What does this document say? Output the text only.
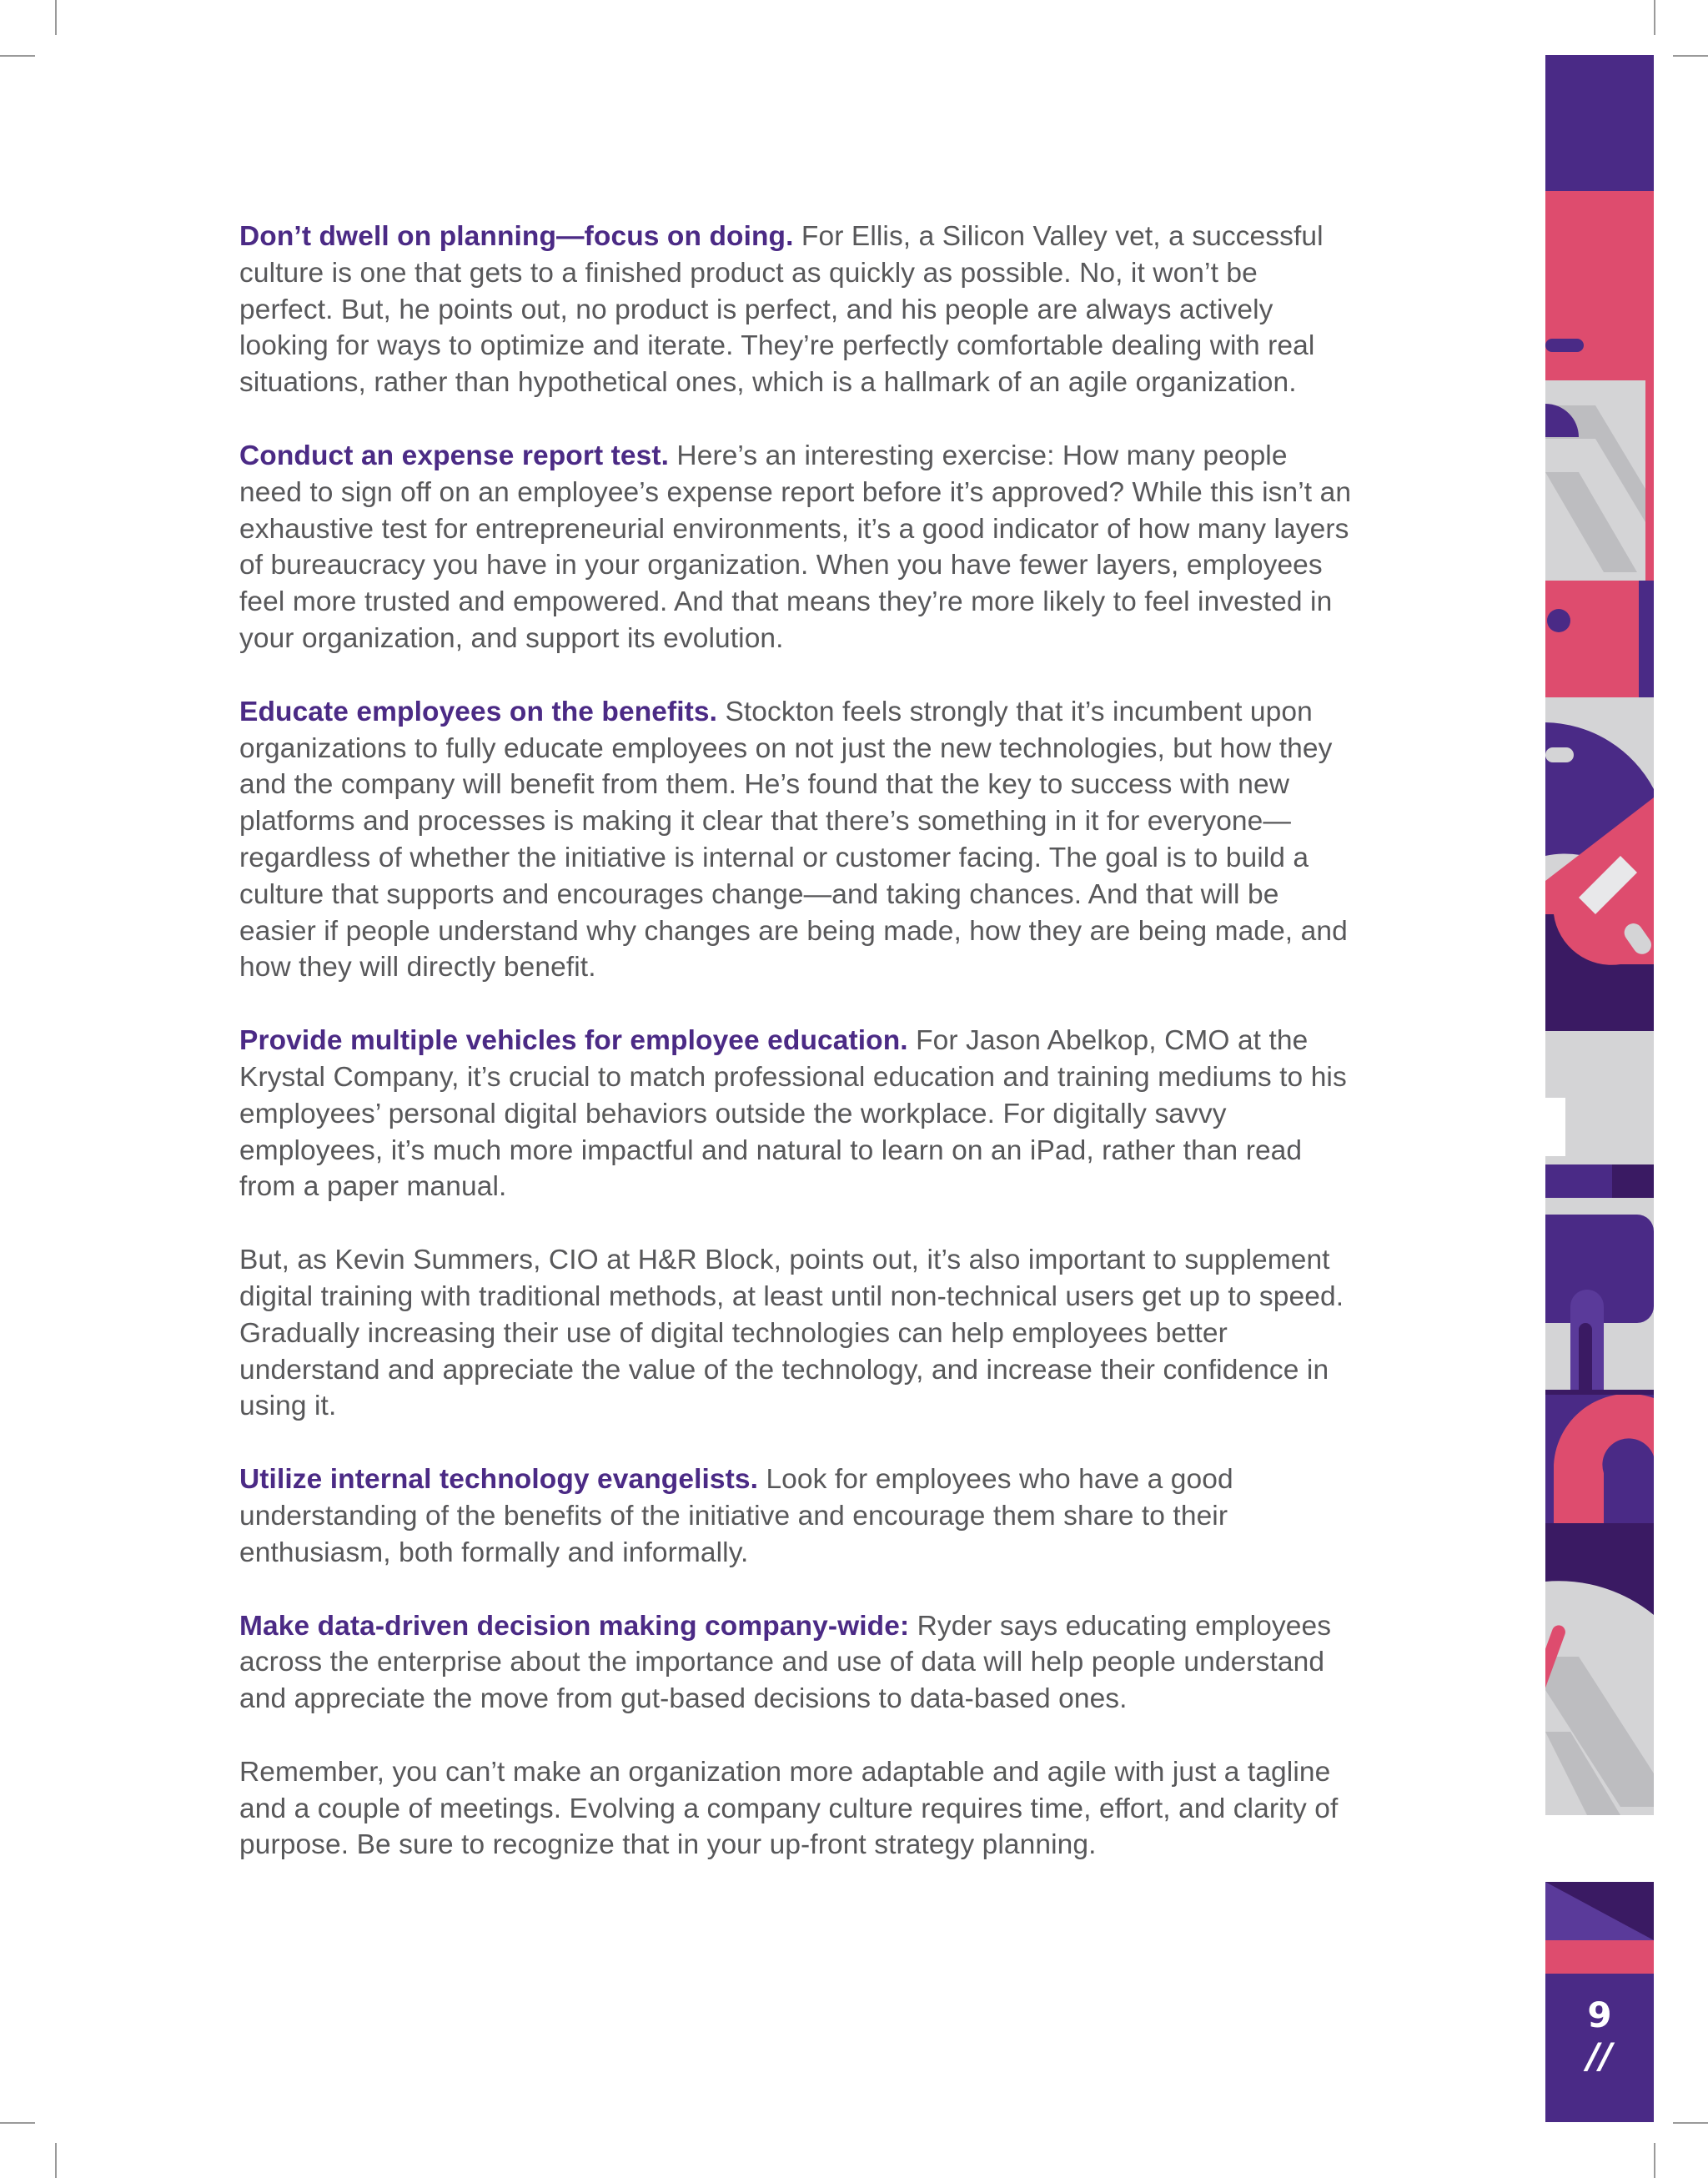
Don’t dwell on planning—focus on doing. For Ellis, a Silicon Valley vet, a successful culture is one that gets to a finished product as quickly as possible. No, it won’t be perfect. But, he points out, no product is perfect, and his people are always actively looking for ways to optimize and iterate. They’re perfectly comfortable dealing with real situations, rather than hypothetical ones, which is a hallmark of an agile organization.

Conduct an expense report test. Here’s an interesting exercise: How many people need to sign off on an employee’s expense report before it’s approved? While this isn’t an exhaustive test for entrepreneurial environments, it’s a good indicator of how many layers of bureaucracy you have in your organization. When you have fewer layers, employees feel more trusted and empowered. And that means they’re more likely to feel invested in your organization, and support its evolution.

Educate employees on the benefits. Stockton feels strongly that it’s incumbent upon organizations to fully educate employees on not just the new technologies, but how they and the company will benefit from them. He’s found that the key to success with new platforms and processes is making it clear that there’s something in it for everyone—regardless of whether the initiative is internal or customer facing. The goal is to build a culture that supports and encourages change—and taking chances. And that will be easier if people understand why changes are being made, how they are being made, and how they will directly benefit.

Provide multiple vehicles for employee education. For Jason Abelkop, CMO at the Krystal Company, it’s crucial to match professional education and training mediums to his employees’ personal digital behaviors outside the workplace. For digitally savvy employees, it’s much more impactful and natural to learn on an iPad, rather than read from a paper manual.

But, as Kevin Summers, CIO at H&R Block, points out, it’s also important to supplement digital training with traditional methods, at least until non-technical users get up to speed. Gradually increasing their use of digital technologies can help employees better understand and appreciate the value of the technology, and increase their confidence in using it.

Utilize internal technology evangelists. Look for employees who have a good understanding of the benefits of the initiative and encourage them share to their enthusiasm, both formally and informally.

Make data-driven decision making company-wide: Ryder says educating employees across the enterprise about the importance and use of data will help people understand and appreciate the move from gut-based decisions to data-based ones.

Remember, you can’t make an organization more adaptable and agile with just a tagline and a couple of meetings. Evolving a company culture requires time, effort, and clarity of purpose. Be sure to recognize that in your up-front strategy planning.

9
//
